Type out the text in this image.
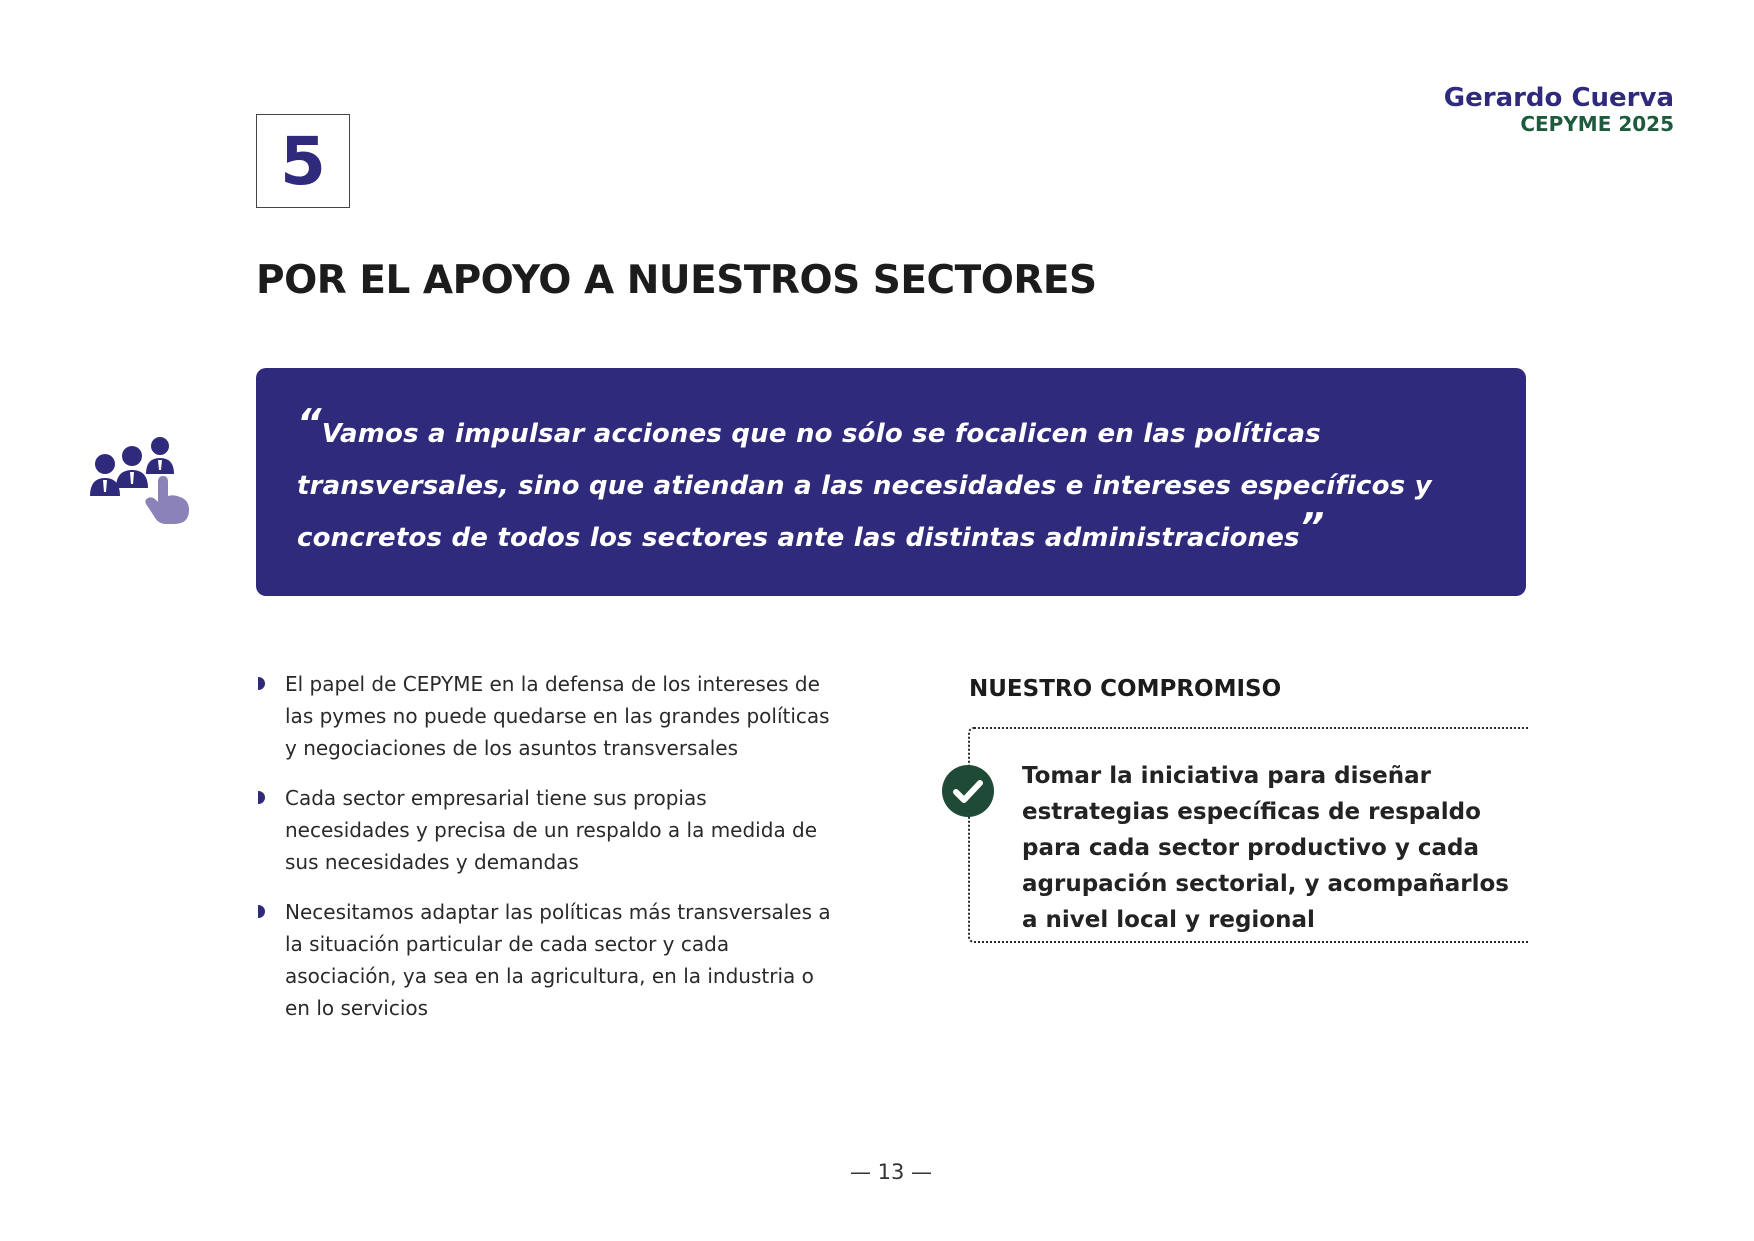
Gerardo Cuerva
CEPYME 2025
5
POR EL APOYO A NUESTROS SECTORES

“Vamos a impulsar acciones que no sólo se focalicen en las políticas transversales, sino que atiendan a las necesidades e intereses específicos y concretos de todos los sectores ante las distintas administraciones”

El papel de CEPYME en la defensa de los intereses de las pymes no puede quedarse en las grandes políticas y negociaciones de los asuntos transversales
Cada sector empresarial tiene sus propias necesidades y precisa de un respaldo a la medida de sus necesidades y demandas
Necesitamos adaptar las políticas más transversales a la situación particular de cada sector y cada asociación, ya sea en la agricultura, en la industria o en lo servicios
NUESTRO COMPROMISO

Tomar la iniciativa para diseñar estrategias específicas de respaldo para cada sector productivo y cada agrupación sectorial, y acompañarlos a nivel local y regional

— 13 —
